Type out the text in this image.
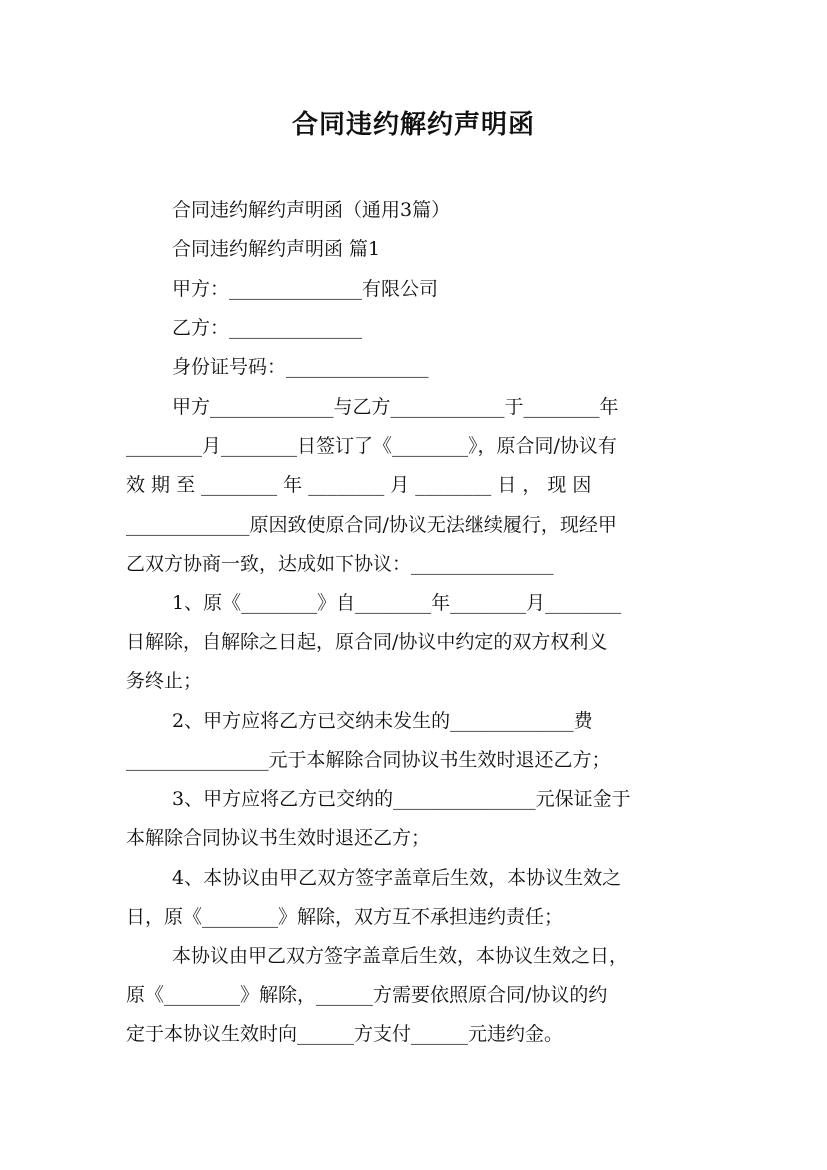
合同违约解约声明函
合同违约解约声明函（通用3篇）
合同违约解约声明函 篇1
甲方：______________有限公司
乙方：______________
身份证号码：_______________
甲方_____________与乙方____________于________年
________月________日签订了《________》，原合同/协议有
效 期 至 ________ 年 ________ 月 ________ 日 ， 现 因
_____________原因致使原合同/协议无法继续履行，现经甲
乙双方协商一致，达成如下协议：_______________
1、原《________》自________年________月________
日解除，自解除之日起，原合同/协议中约定的双方权利义
务终止；
2、甲方应将乙方已交纳未发生的_____________费
_______________元于本解除合同协议书生效时退还乙方；
3、甲方应将乙方已交纳的_______________元保证金于
本解除合同协议书生效时退还乙方；
4、本协议由甲乙双方签字盖章后生效，本协议生效之
日，原《________》解除，双方互不承担违约责任；
本协议由甲乙双方签字盖章后生效，本协议生效之日，
原《________》解除，______方需要依照原合同/协议的约
定于本协议生效时向______方支付______元违约金。
